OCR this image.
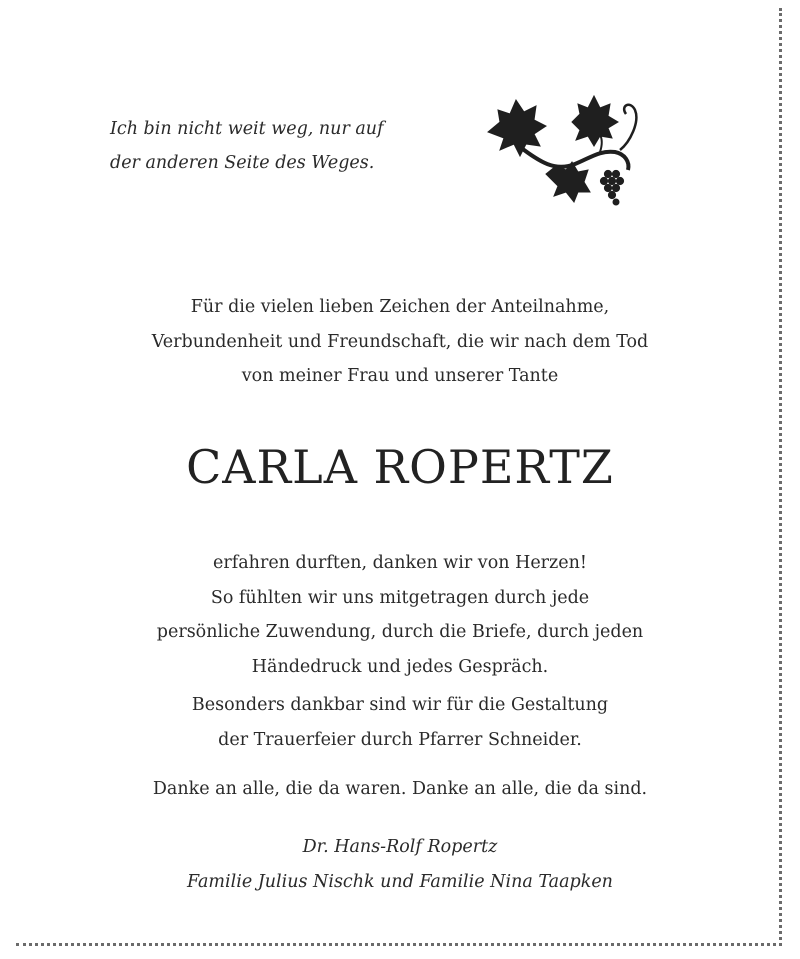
Ich bin nicht weit weg, nur auf
der anderen Seite des Weges.
Für die vielen lieben Zeichen der Anteilnahme,
Verbundenheit und Freundschaft, die wir nach dem Tod
von meiner Frau und unserer Tante
CARLA ROPERTZ
erfahren durften, danken wir von Herzen!
So fühlten wir uns mitgetragen durch jede
persönliche Zuwendung, durch die Briefe, durch jeden
Händedruck und jedes Gespräch.
Besonders dankbar sind wir für die Gestaltung
der Trauerfeier durch Pfarrer Schneider.
Danke an alle, die da waren. Danke an alle, die da sind.
Dr. Hans-Rolf Ropertz
Familie Julius Nischk und Familie Nina Taapken
